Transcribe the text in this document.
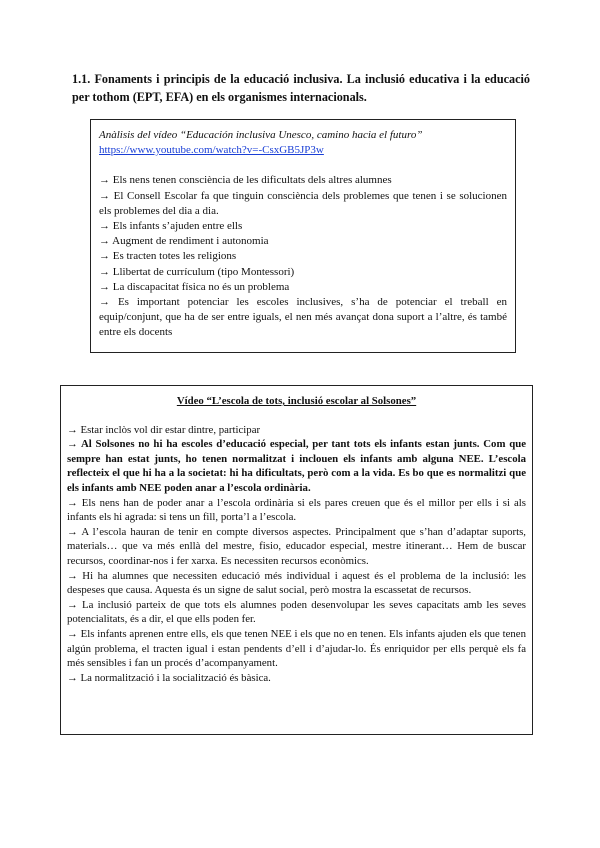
1.1. Fonaments i principis de la educació inclusiva. La inclusió educativa i la educació per tothom (EPT, EFA) en els organismes internacionals.
Anàlisis del vídeo “Educación inclusiva Unesco, camino hacia el futuro”
https://www.youtube.com/watch?v=-CsxGB5JP3w
→ Els nens tenen consciència de les dificultats dels altres alumnes
→ El Consell Escolar fa que tinguin consciència dels problemes que tenen i se solucionen els problemes del dia a dia.
→ Els infants s’ajuden entre ells
→ Augment de rendiment i autonomia
→ Es tracten totes les religions
→ Llibertat de currículum (tipo Montessori)
→ La discapacitat física no és un problema
→ Es important potenciar les escoles inclusives, s’ha de potenciar el treball en equip/conjunt, que ha de ser entre iguals, el nen més avançat dona suport a l’altre, és també entre els docents
Vídeo “L’escola de tots, inclusió escolar al Solsones”
→ Estar inclòs vol dir estar dintre, participar
→ Al Solsones no hi ha escoles d’educació especial, per tant tots els infants estan junts. Com que sempre han estat junts, ho tenen normalitzat i inclouen els infants amb alguna NEE. L’escola reflecteix el que hi ha a la societat: hi ha dificultats, però com a la vida. Es bo que es normalitzi que els infants amb NEE poden anar a l’escola ordinària.
→ Els nens han de poder anar a l’escola ordinària si els pares creuen que és el millor per ells i si als infants els hi agrada: si tens un fill, porta’l a l’escola.
→ A l’escola hauran de tenir en compte diversos aspectes. Principalment que s’han d’adaptar suports, materials… que va més enllà del mestre, fisio, educador especial, mestre itinerant… Hem de buscar recursos, coordinar-nos i fer xarxa. Es necessiten recursos econòmics.
→ Hi ha alumnes que necessiten educació més individual i aquest és el problema de la inclusió: les despeses que causa. Aquesta és un signe de salut social, però mostra la escassetat de recursos.
→ La inclusió parteix de que tots els alumnes poden desenvolupar les seves capacitats amb les seves potencialitats, és a dir, el que ells poden fer.
→ Els infants aprenen entre ells, els que tenen NEE i els que no en tenen. Els infants ajuden els que tenen algún problema, el tracten igual i estan pendents d’ell i d’ajudar-lo. És enriquidor per ells perquè els fa més sensibles i fan un procés d’acompanyament.
→ La normalització i la socialització és bàsica.
